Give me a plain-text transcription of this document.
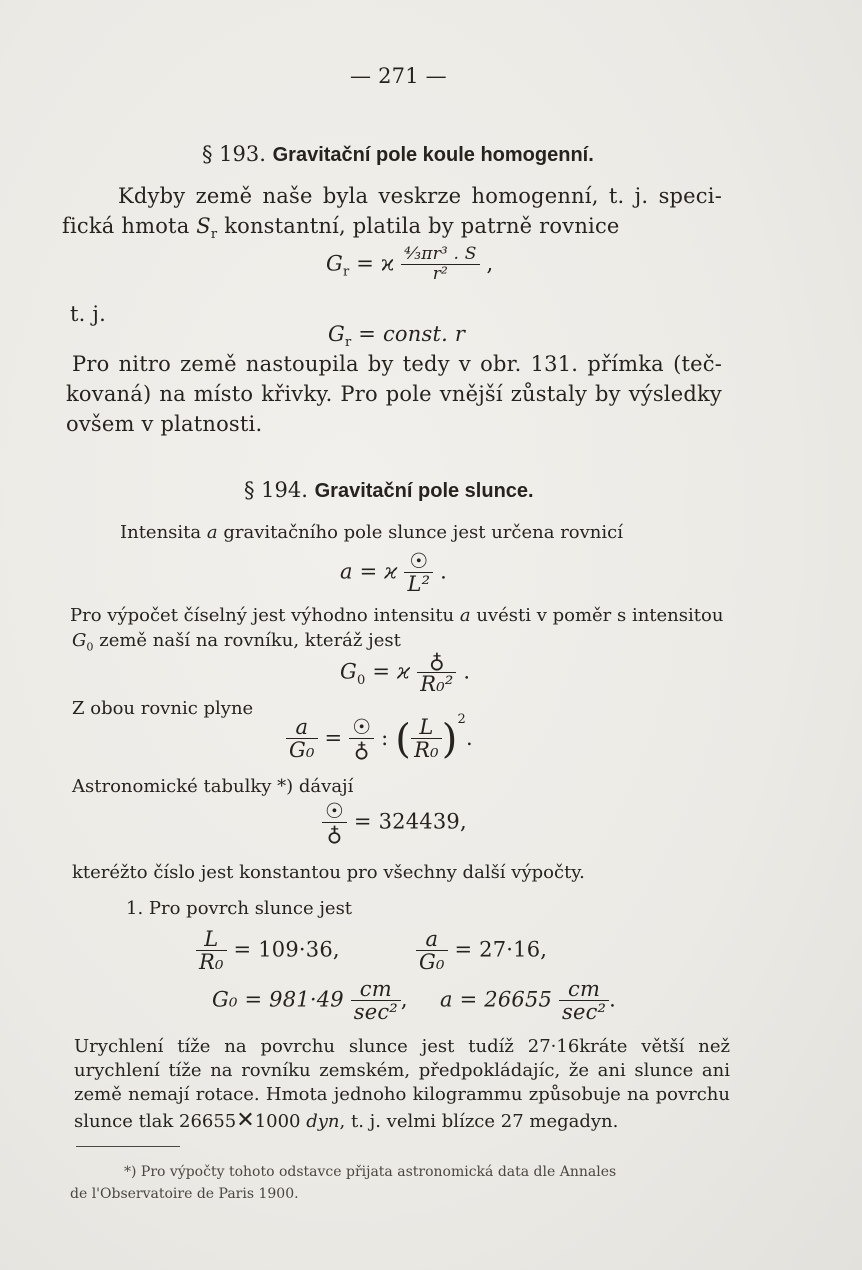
— 271 —
§ 193. Gravitační pole koule homogenní.
Kdyby země naše byla veskrze homogenní, t. j. speci-
fická hmota $S_r$ konstantní, platila by patrně rovnice
$G_r = ϰ \frac{\text{⁴⁄₃πr³ . S}}{\text{r²}}$ ,
t. j.
$G_r$ = const. r
Pro nitro země nastoupila by tedy v obr. 131. přímka (teč-
kovaná) na místo křivky. Pro pole vnější zůstaly by výsledky
ovšem v platnosti.
§ 194. Gravitační pole slunce.
Intensita a gravitačního pole slunce jest určena rovnicí
a = ϰ $\frac{☉}{\text{L²}}$ .
Pro výpočet číselný jest výhodno intensitu a uvésti v poměr s intensitou
$G_0$ země naší na rovníku, kteráž jest
$G_0 = ϰ \frac{♁}{\text{R₀²}}$ .
Z obou rovnic plyne
$\frac{a}{\text{G₀}} = \frac{☉}{♁}$ : ( $\frac{L}{\text{R₀}} )^2$.
Astronomické tabulky *) dávají
$\frac{☉}{♁} = 324439$,
kteréžto číslo jest konstantou pro všechny další výpočty.
1. Pro povrch slunce jest
$\frac{L}{\text{R₀}} = 109\cdot 36$,	$\frac{a}{\text{G₀}} = 27\cdot 16$,
$G_0 = 981\cdot 49 \frac{cm}{\text{sec²}}$ , $a = 26655 \frac{cm}{\text{sec²}}$ .
Urychlení tíže na povrchu slunce jest tudíž 27·16kráte větší než
urychlení tíže na rovníku zemském, předpokládajíc, že ani slunce ani
země nemají rotace. Hmota jednoho kilogrammu způsobuje na povrchu
slunce tlak 26655✕1000 dyn, t. j. velmi blízce 27 megadyn.
*) Pro výpočty tohoto odstavce přijata astronomická data dle Annales
de l'Observatoire de Paris 1900.
